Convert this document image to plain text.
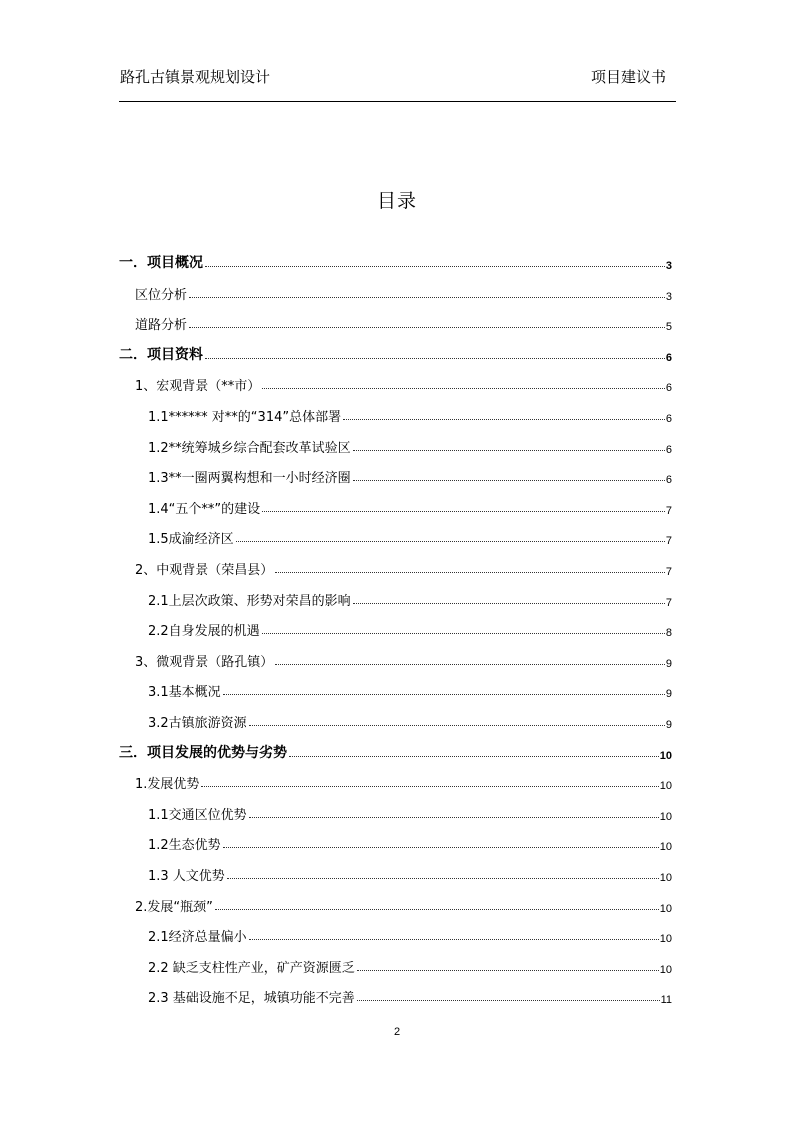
路孔古镇景观规划设计	项目建议书
目录
一．项目概况	3
区位分析	3
道路分析	5
二．项目资料	6
1、宏观背景（**市）	6
1.1****** 对**的“314”总体部署	6
1.2**统筹城乡综合配套改革试验区	6
1.3**一圈两翼构想和一小时经济圈	6
1.4“五个**”的建设	7
1.5成渝经济区	7
2、中观背景（荣昌县）	7
2.1上层次政策、形势对荣昌的影响	7
2.2自身发展的机遇	8
3、微观背景（路孔镇）	9
3.1基本概况	9
3.2古镇旅游资源	9
三．项目发展的优势与劣势	10
1.发展优势	10
1.1交通区位优势	10
1.2生态优势	10
1.3 人文优势	10
2.发展“瓶颈”	10
2.1经济总量偏小	10
2.2 缺乏支柱性产业，矿产资源匮乏	10
2.3 基础设施不足，城镇功能不完善	11
2
